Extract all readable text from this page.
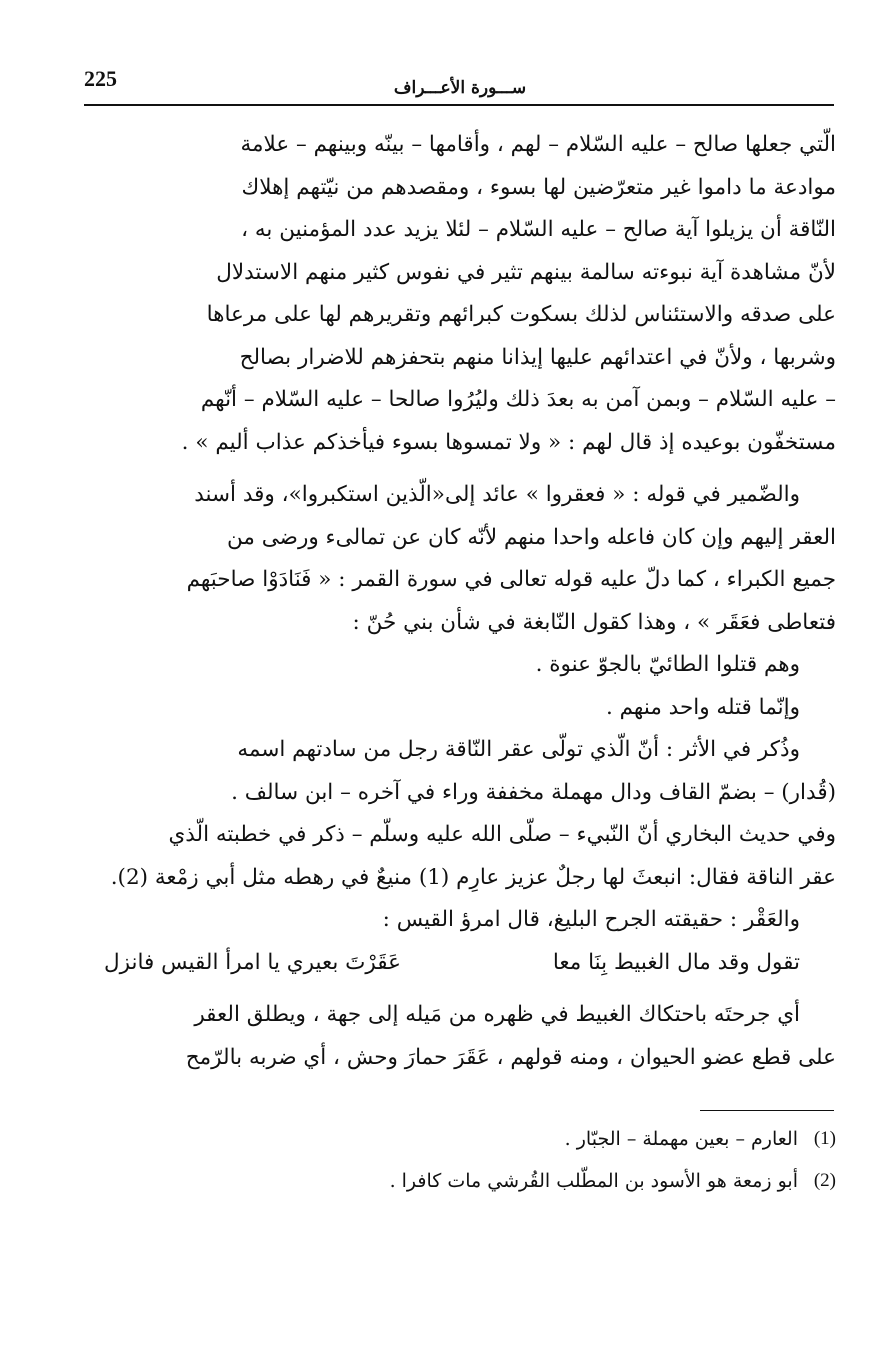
225	ســـورة الأعـــراف

الّتي جعلها صالح – عليه السّلام – لهم ، وأقامها – بينّه وبينهم – علامة

موادعة ما داموا غير متعرّضين لها بسوء ، ومقصدهم من نيّتهم إهلاك

النّاقة أن يزيلوا آية صالح – عليه السّلام – لئلا يزيد عدد المؤمنين به ،

لأنّ مشاهدة آية نبوءته سالمة بينهم تثير في نفوس كثير منهم الاستدلال

على صدقه والاستئناس لذلك بسكوت كبرائهم وتقريرهم لها على مرعاها

وشربها ، ولأنّ في اعتدائهم عليها إيذانا منهم بتحفزهم للاضرار بصالح

– عليه السّلام – وبمن آمن به بعدَ ذلك وليُرُوا صالحا – عليه السّلام – أنّهم

مستخفّون بوعيده إذ قال لهم : « ولا تمسوها بسوء فيأخذكم عذاب أليم » .

والضّمير في قوله : « فعقروا » عائد إلى«الّذين استكبروا»، وقد أسند

العقر إليهم وإن كان فاعله واحدا منهم لأنّه كان عن تمالىء ورضى من

جميع الكبراء ، كما دلّ عليه قوله تعالى في سورة القمر : « فَنَادَوْا صاحبَهم

فتعاطى فعَقَر » ، وهذا كقول النّابغة في شأن بني حُنّ :

وهم قتلوا الطائيّ بالجوّ عنوة .

وإنّما قتله واحد منهم .

وذُكر في الأثر : أنّ الّذي تولّى عقر النّاقة رجل من سادتهم اسمه

(قُدار) – بضمّ القاف ودال مهملة مخففة وراء في آخره – ابن سالف .

وفي حديث البخاري أنّ النّبيء – صلّى الله عليه وسلّم – ذكر في خطبته الّذي

عقر الناقة فقال: انبعثَ لها رجلٌ عزيز عارِم (1) منيعٌ في رهطه مثل أبي زمْعة (2).

والعَقْر : حقيقته الجرح البليغ، قال امرؤ القيس :

تقول وقد مال الغبيط بِنَا معا
عَقَرْتَ بعيري يا امرأ القيس فانزل

أي جرحتَه باحتكاك الغبيط في ظهره من مَيله إلى جهة ، ويطلق العقر

على قطع عضو الحيوان ، ومنه قولهم ، عَقَرَ حمارَ وحش ، أي ضربه بالرّمح

(1)
العارم – بعين مهملة – الجبّار .
(2)
أبو زمعة هو الأسود بن المطّلب القُرشي مات كافرا .
